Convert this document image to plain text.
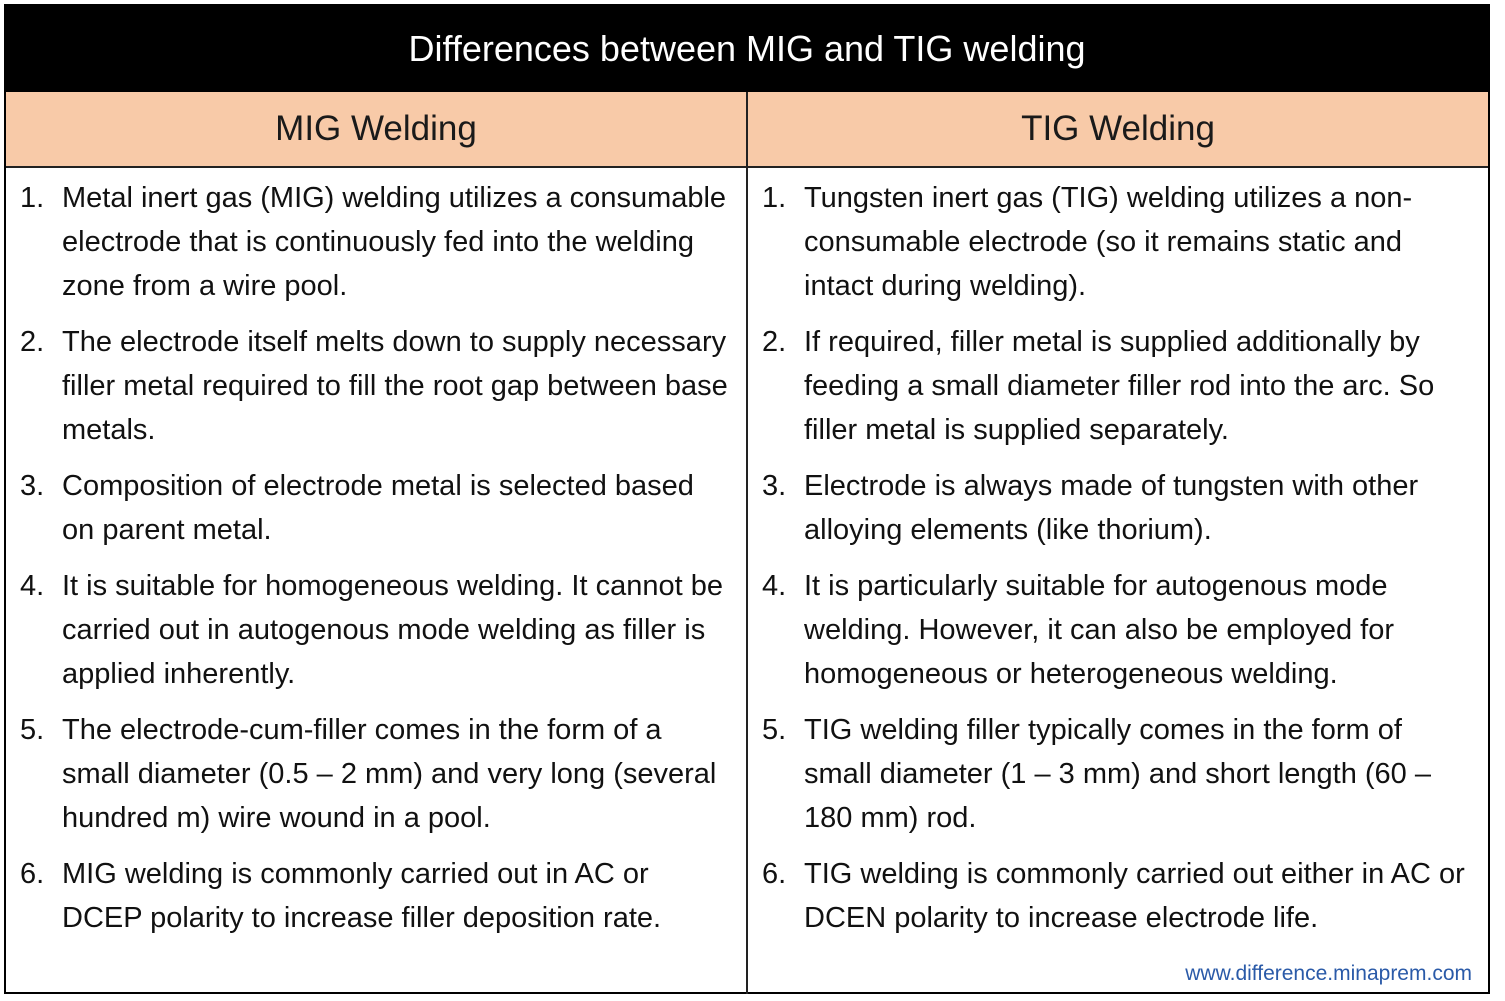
Differences between MIG and TIG welding
MIG Welding	TIG Welding
1. Metal inert gas (MIG) welding utilizes a consumable electrode that is continuously fed into the welding zone from a wire pool.
2. The electrode itself melts down to supply necessary filler metal required to fill the root gap between base metals.
3. Composition of electrode metal is selected based on parent metal.
4. It is suitable for homogeneous welding. It cannot be carried out in autogenous mode welding as filler is applied inherently.
5. The electrode-cum-filler comes in the form of a small diameter (0.5 – 2 mm) and very long (several hundred m) wire wound in a pool.
6. MIG welding is commonly carried out in AC or DCEP polarity to increase filler deposition rate.
1. Tungsten inert gas (TIG) welding utilizes a non-consumable electrode (so it remains static and intact during welding).
2. If required, filler metal is supplied additionally by feeding a small diameter filler rod into the arc. So filler metal is supplied separately.
3. Electrode is always made of tungsten with other alloying elements (like thorium).
4. It is particularly suitable for autogenous mode welding. However, it can also be employed for homogeneous or heterogeneous welding.
5. TIG welding filler typically comes in the form of small diameter (1 – 3 mm) and short length (60 – 180 mm) rod.
6. TIG welding is commonly carried out either in AC or DCEN polarity to increase electrode life.
www.difference.minaprem.com
